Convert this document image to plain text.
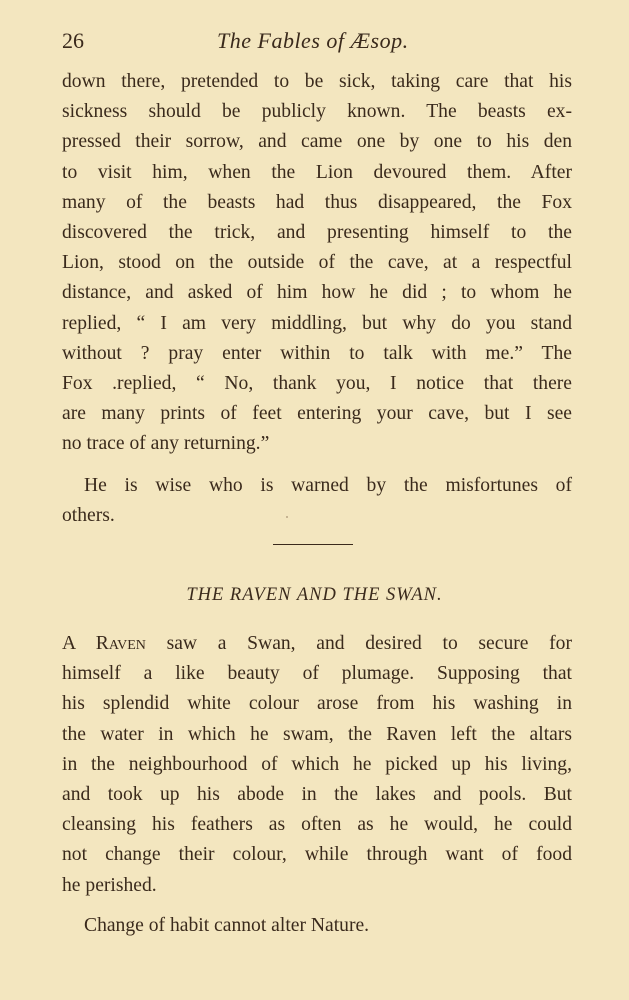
26	The Fables of Æsop.
down there, pretended to be sick, taking care that his
sickness should be publicly known. The beasts ex-
pressed their sorrow, and came one by one to his den
to visit him, when the Lion devoured them. After
many of the beasts had thus disappeared, the Fox
discovered the trick, and presenting himself to the
Lion, stood on the outside of the cave, at a respectful
distance, and asked of him how he did ; to whom he
replied, “ I am very middling, but why do you stand
without ? pray enter within to talk with me.” The
Fox .replied, “ No, thank you, I notice that there
are many prints of feet entering your cave, but I see
no trace of any returning.”
He is wise who is warned by the misfortunes of
others.
THE RAVEN AND THE SWAN.
A Raven saw a Swan, and desired to secure for
himself a like beauty of plumage. Supposing that
his splendid white colour arose from his washing in
the water in which he swam, the Raven left the altars
in the neighbourhood of which he picked up his living,
and took up his abode in the lakes and pools. But
cleansing his feathers as often as he would, he could
not change their colour, while through want of food
he perished.
Change of habit cannot alter Nature.
